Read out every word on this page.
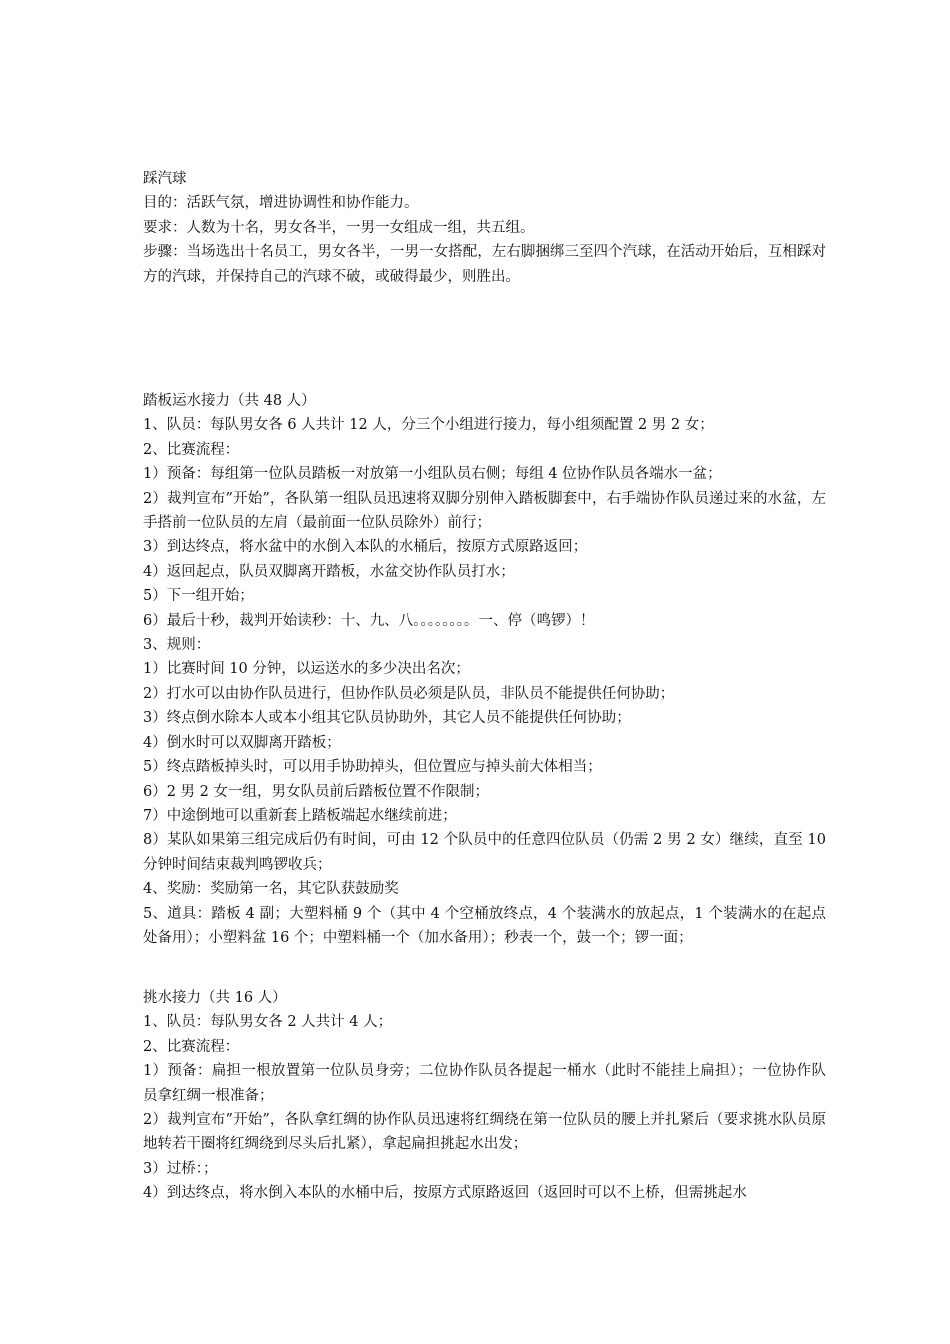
踩汽球
目的：活跃气氛，增进协调性和协作能力。
要求：人数为十名，男女各半，一男一女组成一组，共五组。
步骤：当场选出十名员工，男女各半，一男一女搭配，左右脚捆绑三至四个汽球，在活动开始后，互相踩对方的汽球，并保持自己的汽球不破，或破得最少，则胜出。
踏板运水接力（共 48 人）
1、队员：每队男女各 6 人共计 12 人，分三个小组进行接力，每小组须配置 2 男 2 女；
2、比赛流程：
1）预备：每组第一位队员踏板一对放第一小组队员右侧；每组 4 位协作队员各端水一盆；
2）裁判宣布”开始”，各队第一组队员迅速将双脚分别伸入踏板脚套中，右手端协作队员递过来的水盆，左手搭前一位队员的左肩（最前面一位队员除外）前行；
3）到达终点，将水盆中的水倒入本队的水桶后，按原方式原路返回；
4）返回起点，队员双脚离开踏板，水盆交协作队员打水；
5）下一组开始；
6）最后十秒，裁判开始读秒：十、九、八。。。。。。。。一、停（鸣锣）！
3、规则：
1）比赛时间 10 分钟，以运送水的多少决出名次；
2）打水可以由协作队员进行，但协作队员必须是队员，非队员不能提供任何协助；
3）终点倒水除本人或本小组其它队员协助外，其它人员不能提供任何协助；
4）倒水时可以双脚离开踏板；
5）终点踏板掉头时，可以用手协助掉头，但位置应与掉头前大体相当；
6）2 男 2 女一组，男女队员前后踏板位置不作限制；
7）中途倒地可以重新套上踏板端起水继续前进；
8）某队如果第三组完成后仍有时间，可由 12 个队员中的任意四位队员（仍需 2 男 2 女）继续，直至 10 分钟时间结束裁判鸣锣收兵；
4、奖励：奖励第一名，其它队获鼓励奖
5、道具：踏板 4 副；大塑料桶 9 个（其中 4 个空桶放终点，4 个装满水的放起点，1 个装满水的在起点处备用）；小塑料盆 16 个；中塑料桶一个（加水备用）；秒表一个，鼓一个；锣一面；
挑水接力（共 16 人）
1、队员：每队男女各 2 人共计 4 人；
2、比赛流程：
1）预备：扁担一根放置第一位队员身旁；二位协作队员各提起一桶水（此时不能挂上扁担）；一位协作队员拿红绸一根准备；
2）裁判宣布”开始”，各队拿红绸的协作队员迅速将红绸绕在第一位队员的腰上并扎紧后（要求挑水队员原地转若干圈将红绸绕到尽头后扎紧），拿起扁担挑起水出发；
3）过桥：；
4）到达终点，将水倒入本队的水桶中后，按原方式原路返回（返回时可以不上桥，但需挑起水
